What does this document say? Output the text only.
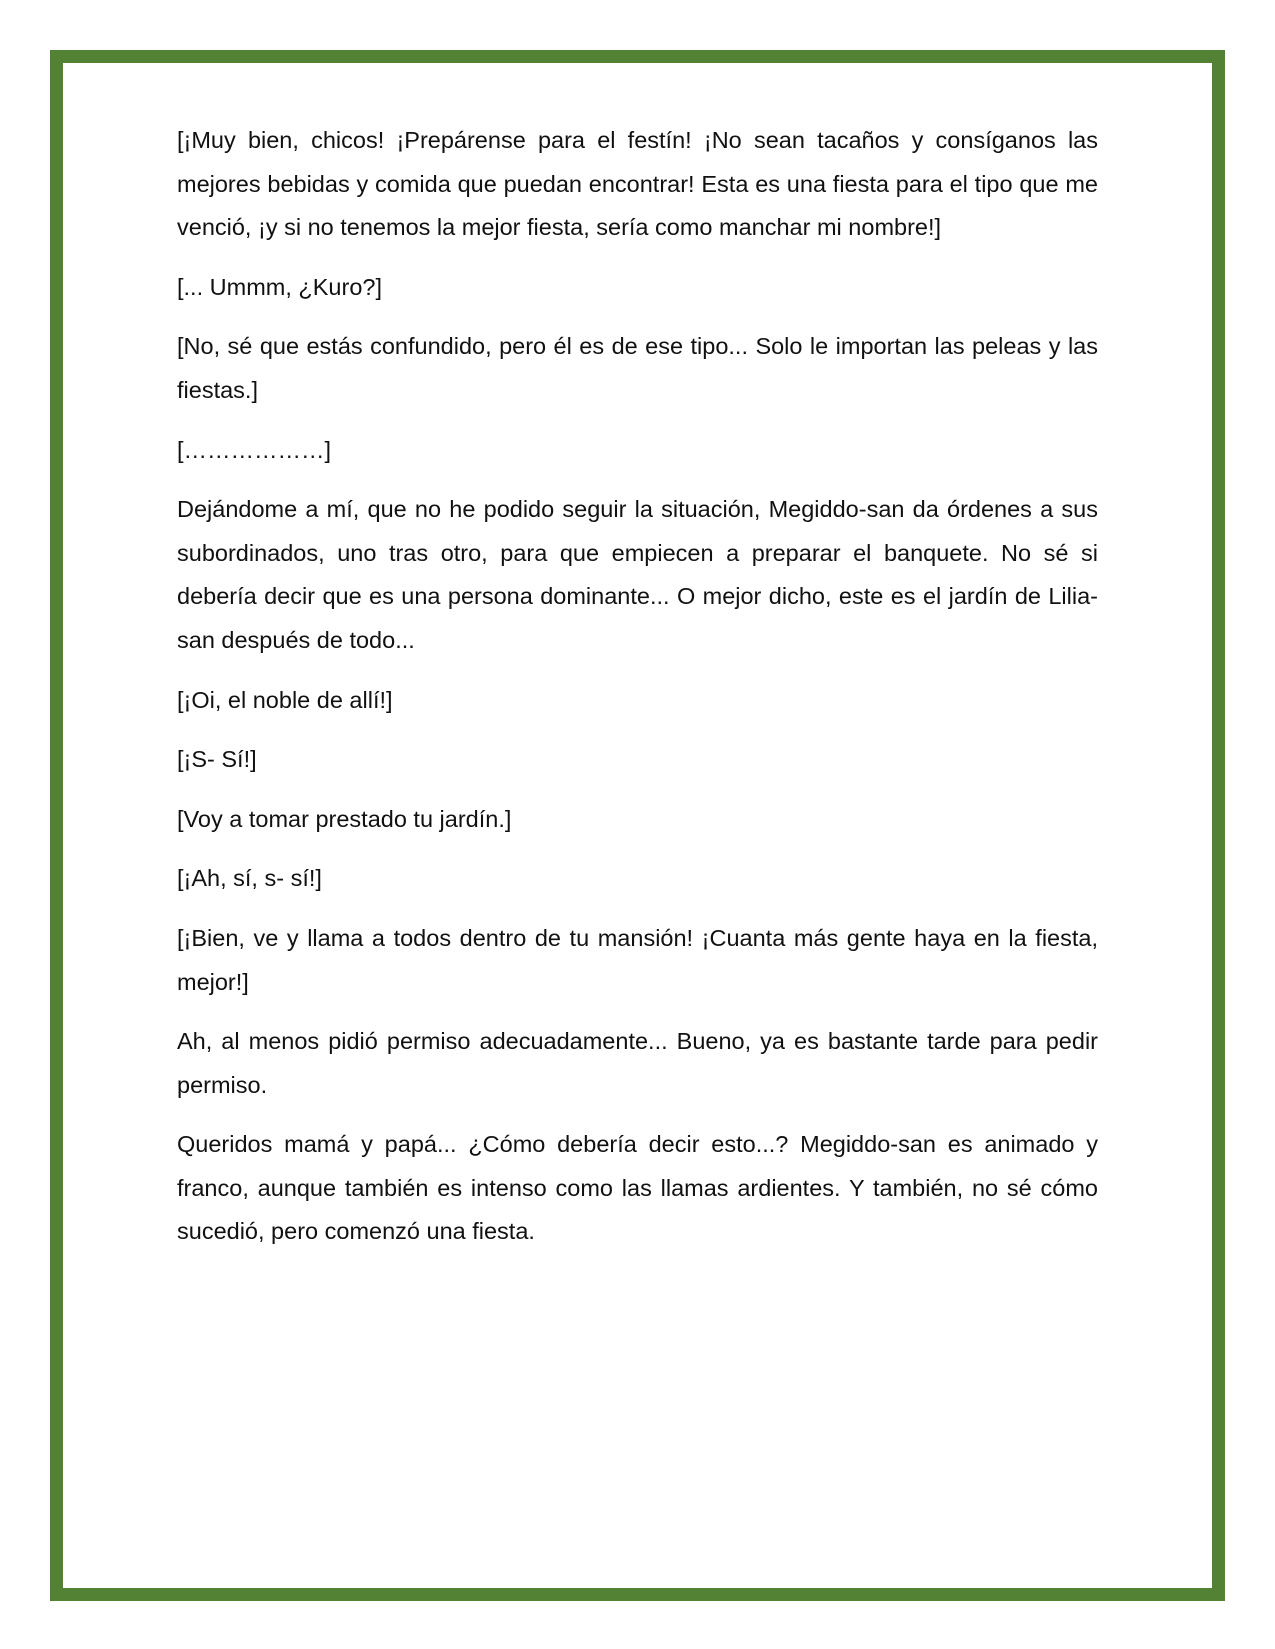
[¡Muy bien, chicos! ¡Prepárense para el festín! ¡No sean tacaños y consíganos las mejores bebidas y comida que puedan encontrar! Esta es una fiesta para el tipo que me venció, ¡y si no tenemos la mejor fiesta, sería como manchar mi nombre!]

[... Ummm, ¿Kuro?]

[No, sé que estás confundido, pero él es de ese tipo... Solo le importan las peleas y las fiestas.]

[………………]

Dejándome a mí, que no he podido seguir la situación, Megiddo-san da órdenes a sus subordinados, uno tras otro, para que empiecen a preparar el banquete. No sé si debería decir que es una persona dominante... O mejor dicho, este es el jardín de Lilia-san después de todo...

[¡Oi, el noble de allí!]

[¡S- Sí!]

[Voy a tomar prestado tu jardín.]

[¡Ah, sí, s- sí!]

[¡Bien, ve y llama a todos dentro de tu mansión! ¡Cuanta más gente haya en la fiesta, mejor!]

Ah, al menos pidió permiso adecuadamente... Bueno, ya es bastante tarde para pedir permiso.

Queridos mamá y papá... ¿Cómo debería decir esto...? Megiddo-san es animado y franco, aunque también es intenso como las llamas ardientes. Y también, no sé cómo sucedió, pero comenzó una fiesta.
